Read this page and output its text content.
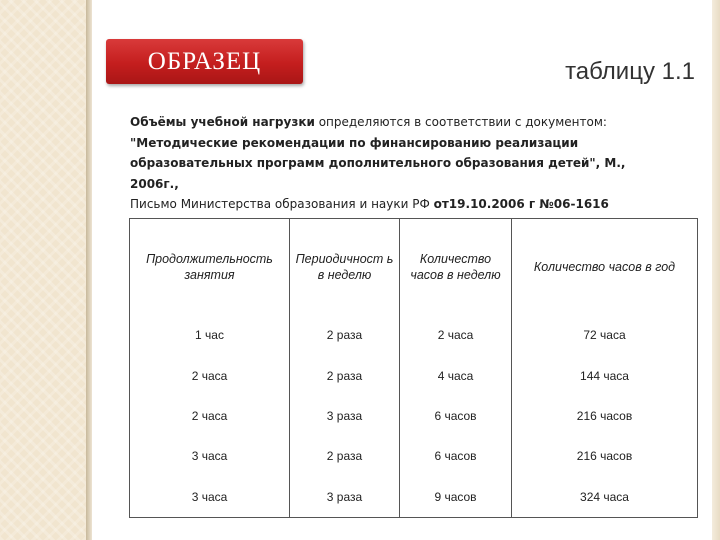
ОБРАЗЕЦ	таблицу 1.1
Объёмы учебной нагрузки определяются в соответствии с документом:
"Методические рекомендации по финансированию реализации
образовательных программ дополнительного образования детей", М.,
2006г.,
Письмо Министерства образования и науки РФ от19.10.2006 г №06-1616
Продолжительность занятия	Периодичност ь в неделю	Количество часов в неделю	Количество часов в год
1 час	2 раза	2 часа	72 часа
2 часа	2 раза	4 часа	144 часа
2 часа	3 раза	6 часов	216 часов
3 часа	2 раза	6 часов	216 часов
3 часа	3 раза	9 часов	324 часа
